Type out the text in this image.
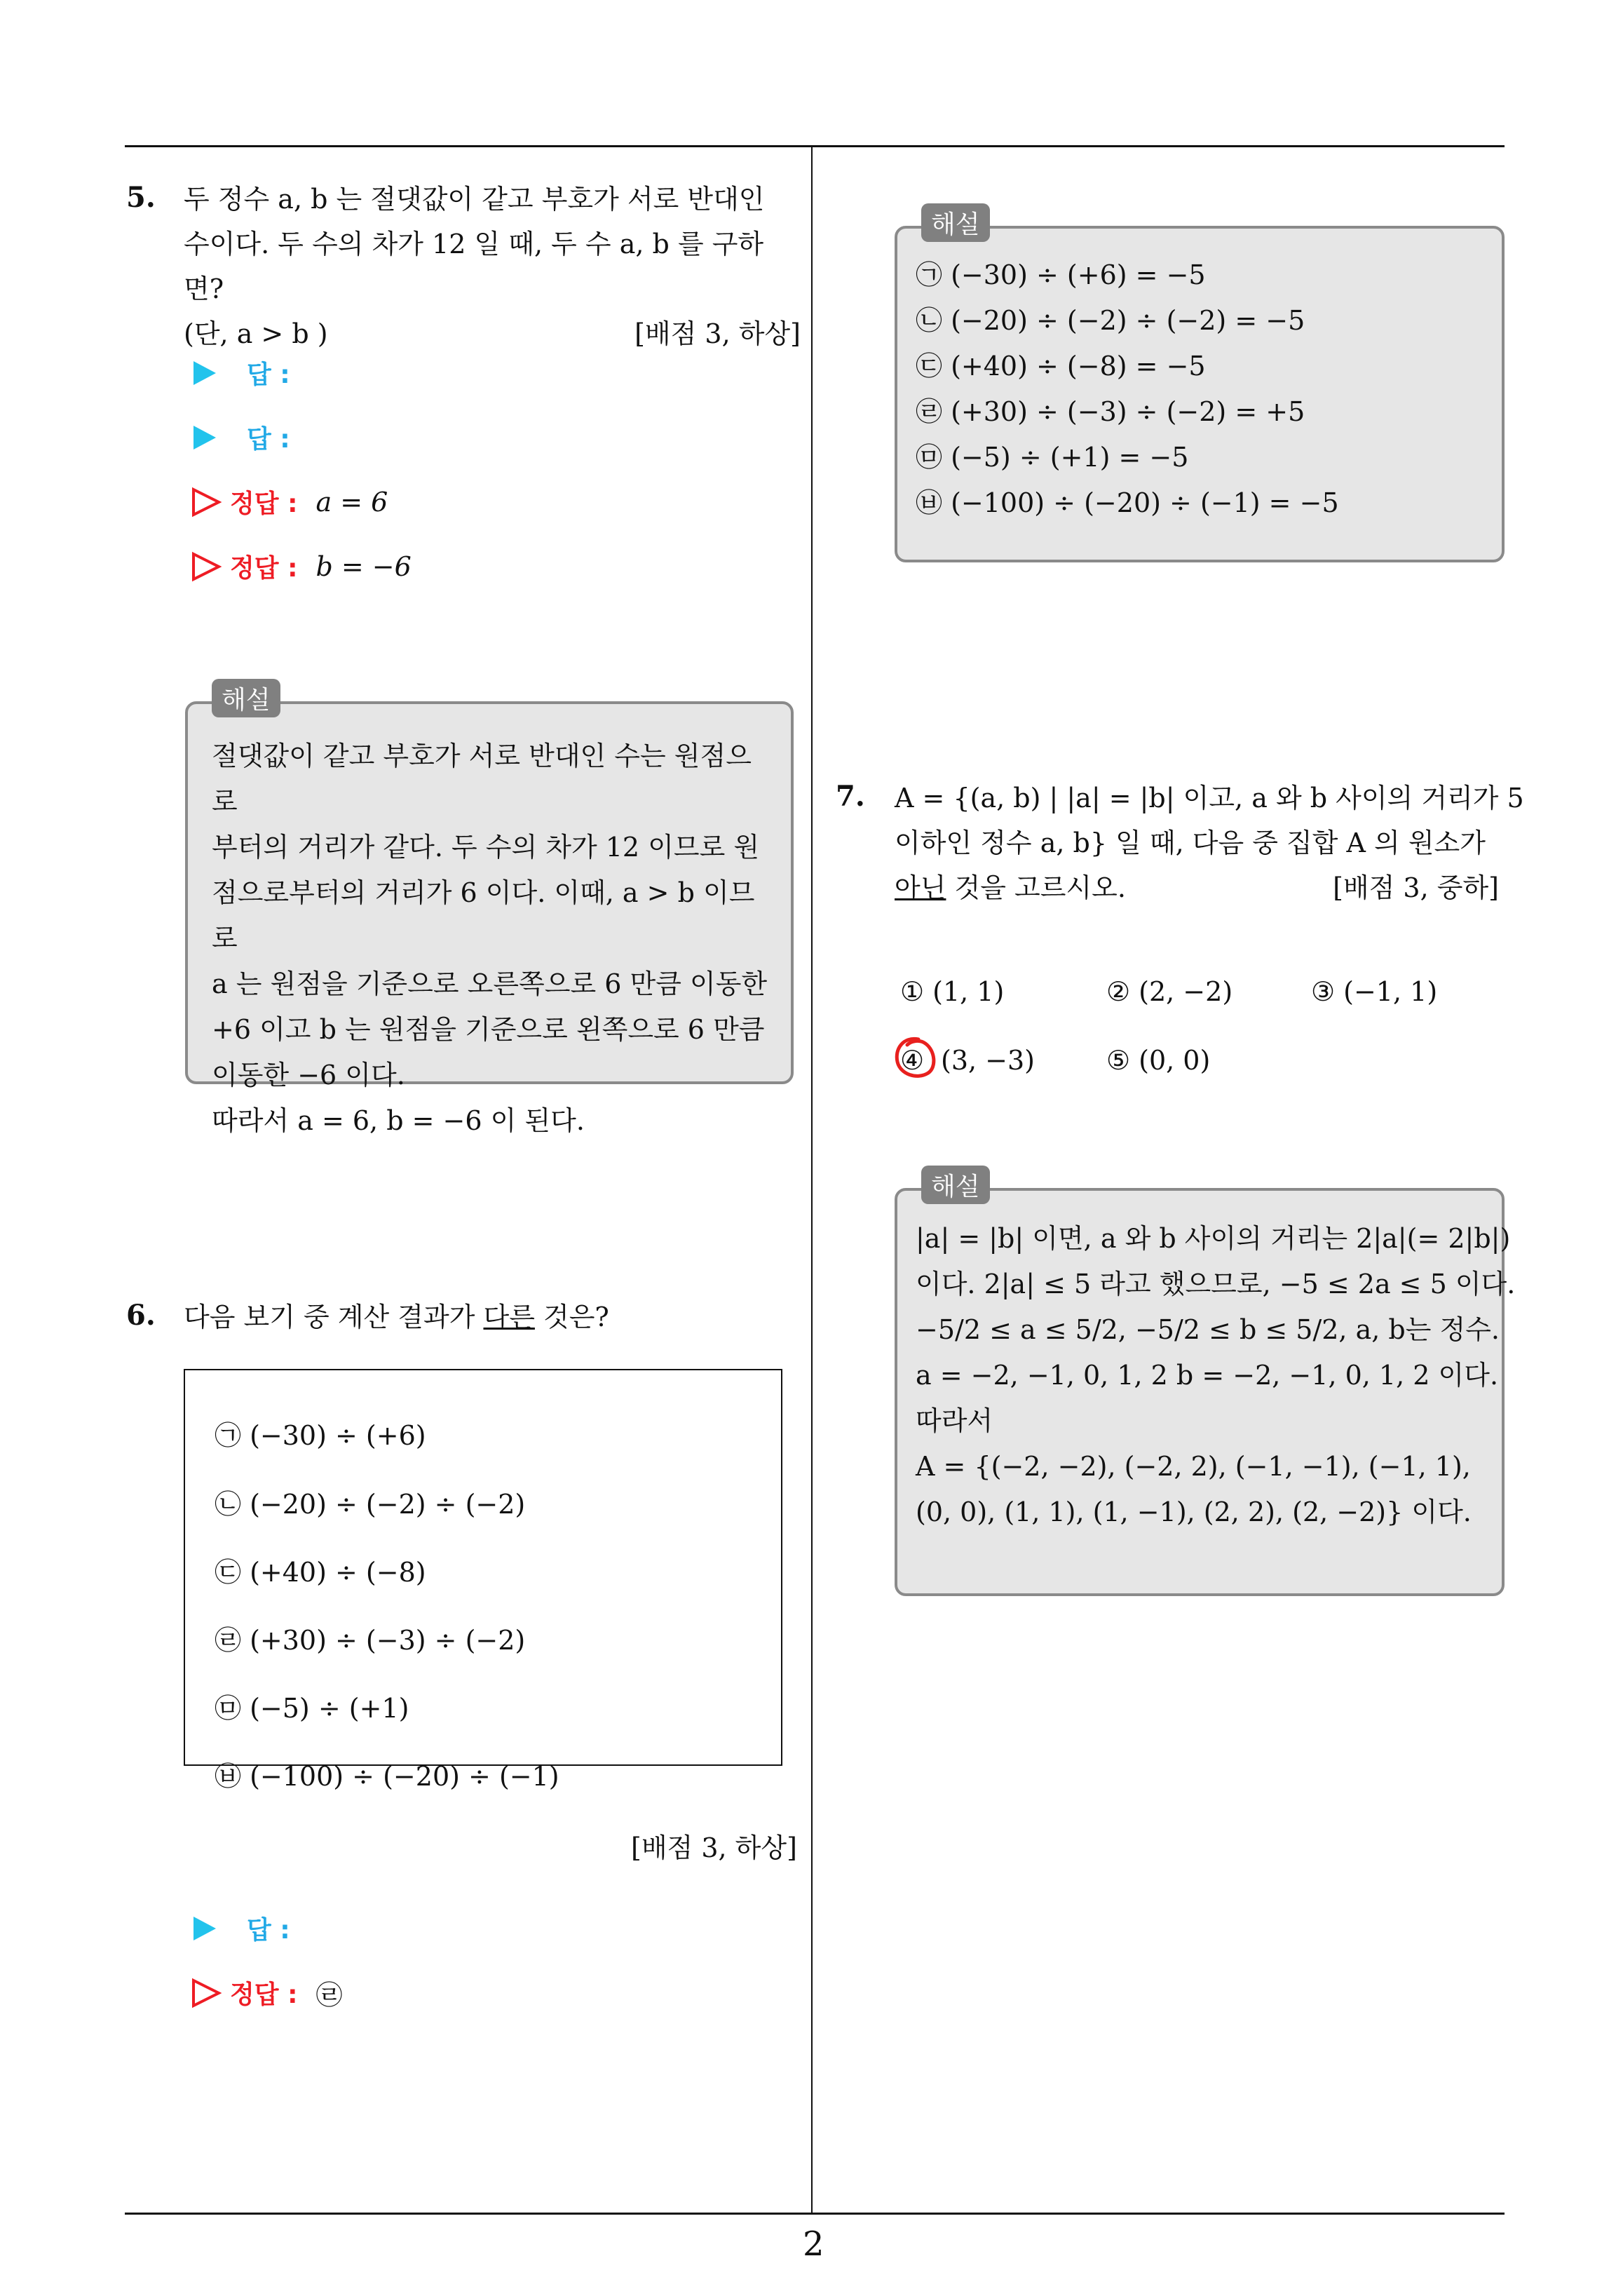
5. 두 정수 a, b 는 절댓값이 같고 부호가 서로 반대인
수이다. 두 수의 차가 12 일 때, 두 수 a, b 를 구하면?
(단, a > b )	[배점 3, 하상]
답 :
답 :
정답 : a = 6
정답 : b = −6
절댓값이 같고 부호가 서로 반대인 수는 원점으로
부터의 거리가 같다. 두 수의 차가 12 이므로 원
점으로부터의 거리가 6 이다. 이때, a > b 이므로
a 는 원점을 기준으로 오른쪽으로 6 만큼 이동한
+6 이고 b 는 원점을 기준으로 왼쪽으로 6 만큼
이동한 −6 이다.
따라서 a = 6, b = −6 이 된다.
해설
6. 다음 보기 중 계산 결과가 다른 것은?
㉠ (−30) ÷ (+6)
㉡ (−20) ÷ (−2) ÷ (−2)
㉢ (+40) ÷ (−8)
㉣ (+30) ÷ (−3) ÷ (−2)
㉤ (−5) ÷ (+1)
㉥ (−100) ÷ (−20) ÷ (−1)
[배점 3, 하상]
답 :
정답 : ㉣
㉠ (−30) ÷ (+6) = −5
㉡ (−20) ÷ (−2) ÷ (−2) = −5
㉢ (+40) ÷ (−8) = −5
㉣ (+30) ÷ (−3) ÷ (−2) = +5
㉤ (−5) ÷ (+1) = −5
㉥ (−100) ÷ (−20) ÷ (−1) = −5
해설
7. A = {(a, b) | |a| = |b| 이고, a 와 b 사이의 거리가 5
이하인 정수 a, b} 일 때, 다음 중 집합 A 의 원소가
아닌 것을 고르시오.	[배점 3, 중하]
① (1, 1)	② (2, −2)	③ (−1, 1)
④ (3, −3)	⑤ (0, 0)
|a| = |b| 이면, a 와 b 사이의 거리는 2|a|(= 2|b|)
이다. 2|a| ≤ 5 라고 했으므로, −5 ≤ 2a ≤ 5 이다.
−5/2 ≤ a ≤ 5/2, −5/2 ≤ b ≤ 5/2, a, b는 정수.
a = −2, −1, 0, 1, 2 b = −2, −1, 0, 1, 2 이다.
따라서
A = {(−2, −2), (−2, 2), (−1, −1), (−1, 1),
(0, 0), (1, 1), (1, −1), (2, 2), (2, −2)} 이다.
해설
2
